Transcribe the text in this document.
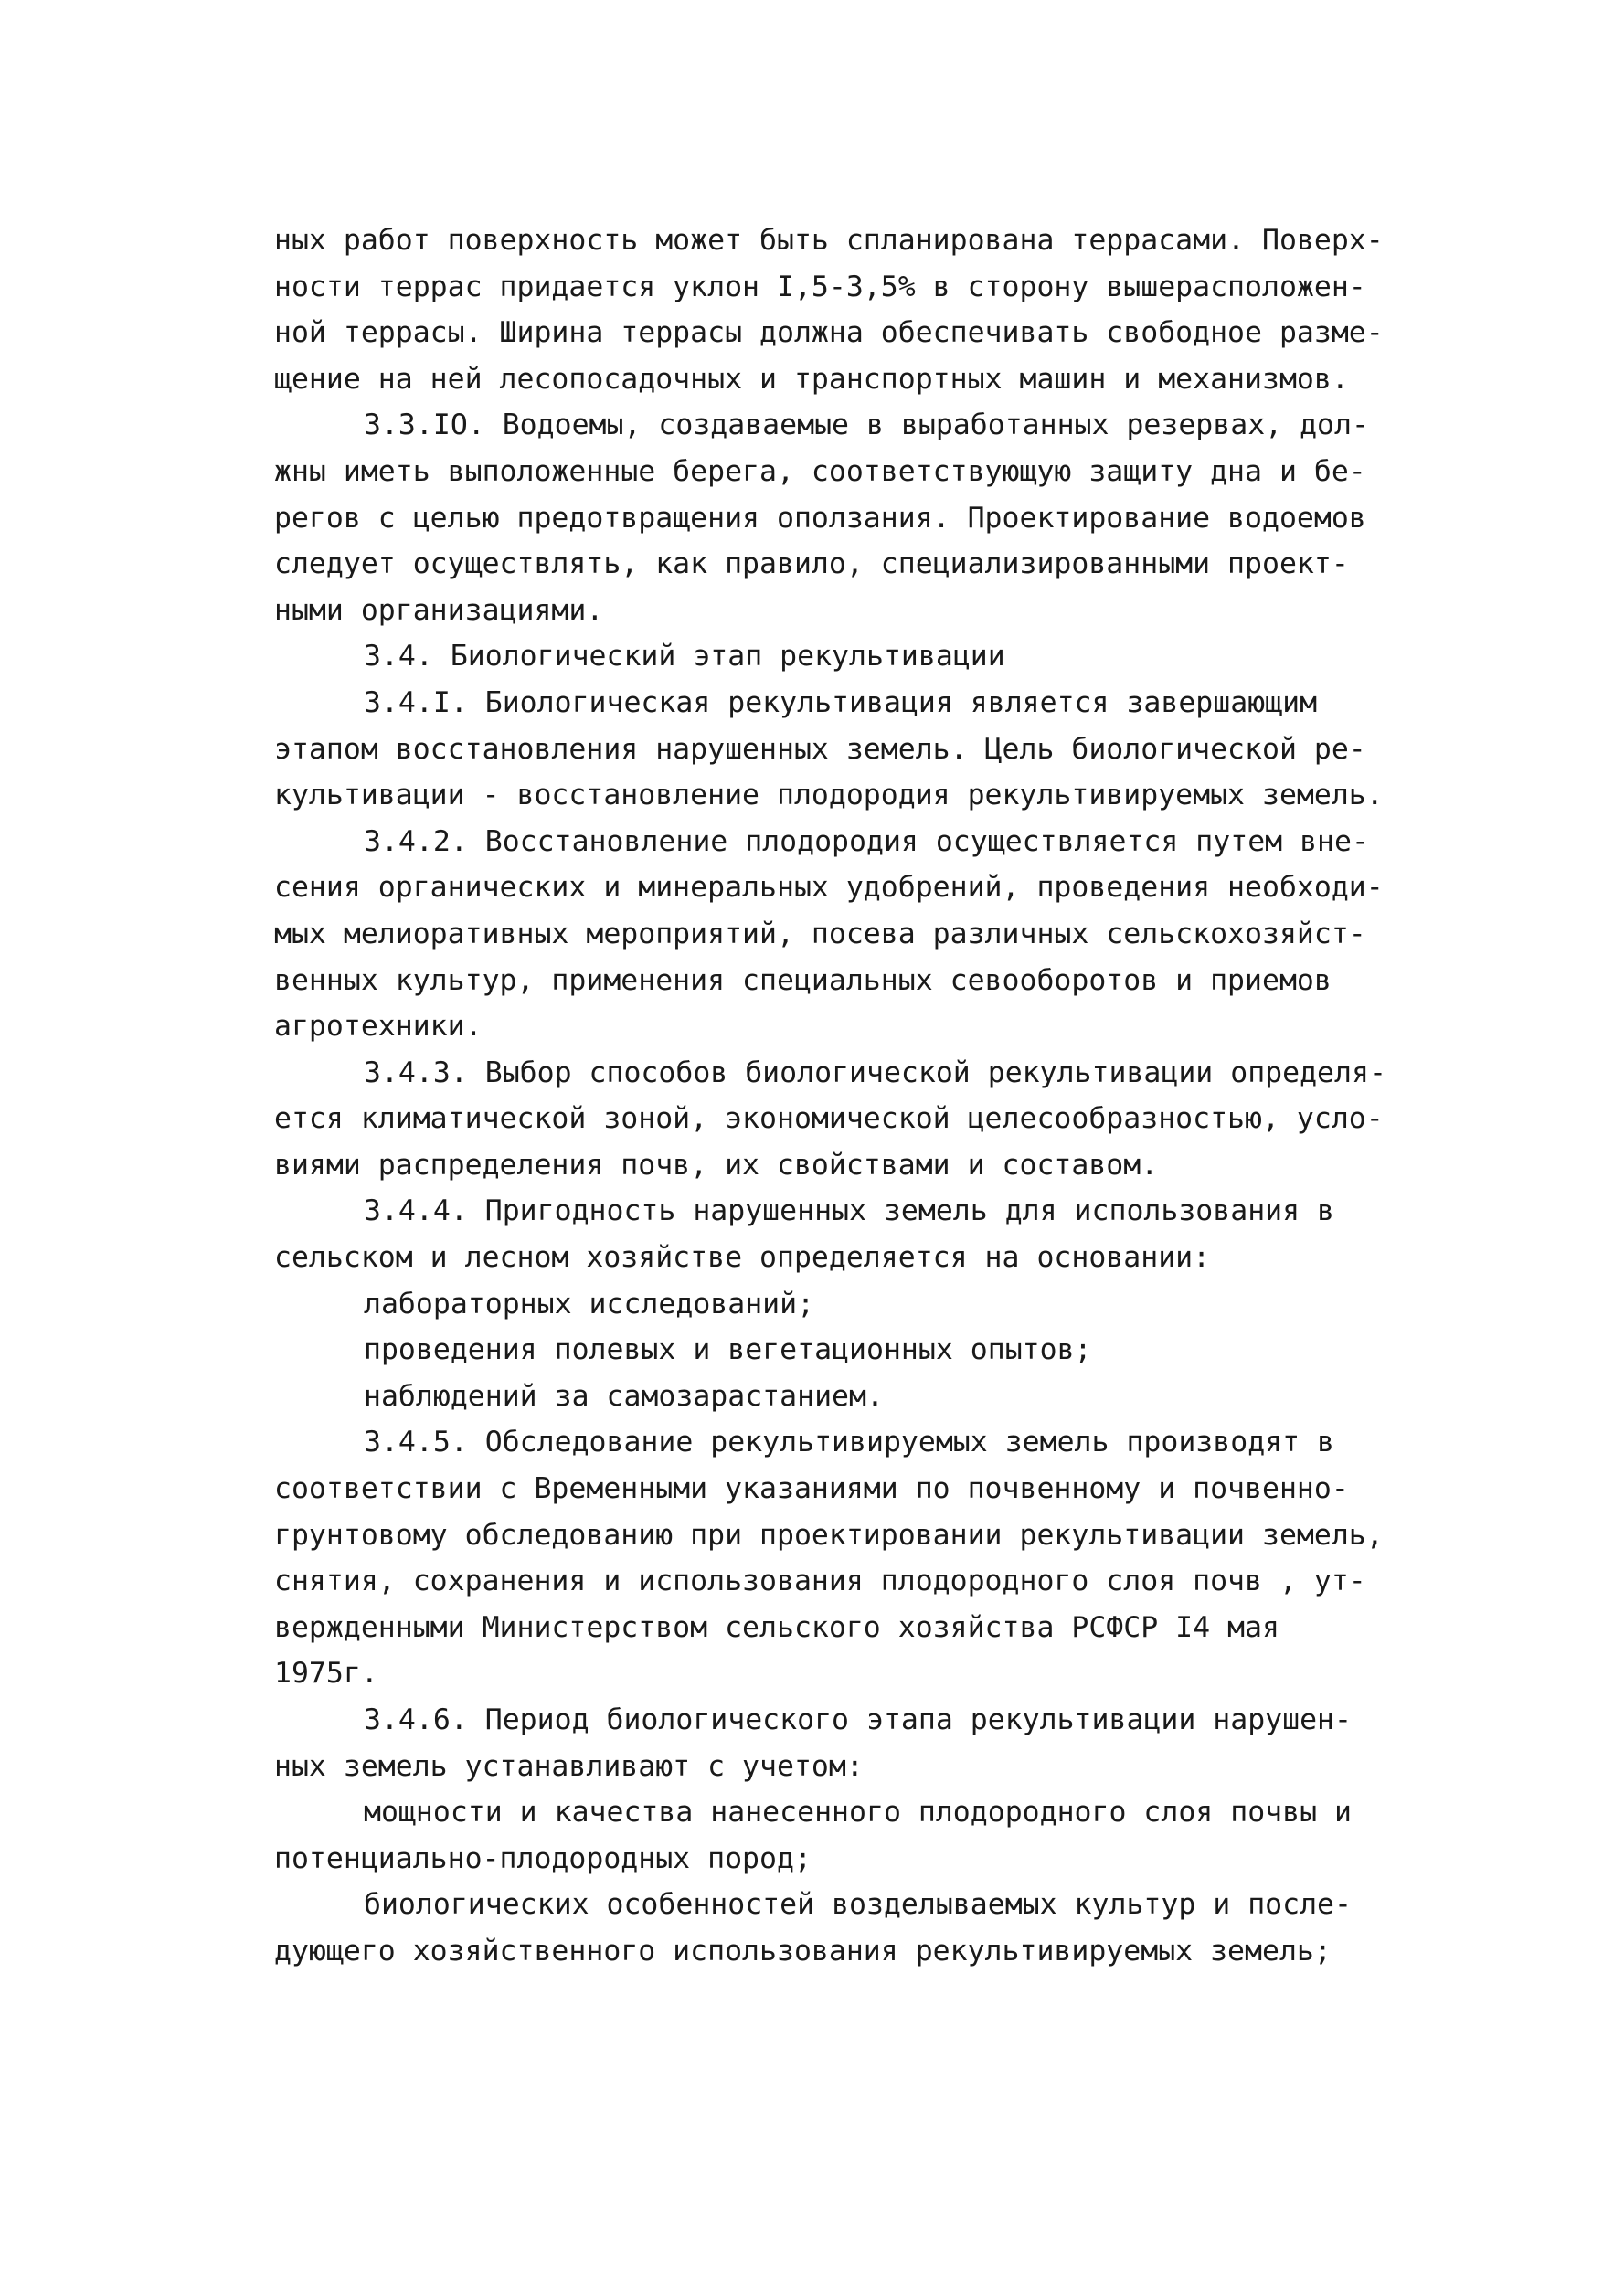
ных работ поверхность может быть спланирована террасами. Поверх-
ности террас придается уклон I,5-3,5% в сторону вышерасположен-
ной террасы. Ширина террасы должна обеспечивать свободное разме-
щение на ней лесопосадочных и транспортных машин и механизмов.
3.3.IO. Водоемы, создаваемые в выработанных резервах, дол-
жны иметь выположенные берега, соответствующую защиту дна и бе-
регов с целью предотвращения оползания. Проектирование водоемов
следует осуществлять, как правило, специализированными проект-
ными организациями.
3.4. Биологический этап рекультивации
3.4.I. Биологическая рекультивация является завершающим
этапом восстановления нарушенных земель. Цель биологической ре-
культивации - восстановление плодородия рекультивируемых земель.
3.4.2. Восстановление плодородия осуществляется путем вне-
сения органических и минеральных удобрений, проведения необходи-
мых мелиоративных мероприятий, посева различных сельскохозяйст-
венных культур, применения специальных севооборотов и приемов
агротехники.
3.4.3. Выбор способов биологической рекультивации определя-
ется климатической зоной, экономической целесообразностью, усло-
виями распределения почв, их свойствами и составом.
3.4.4. Пригодность нарушенных земель для использования в
сельском и лесном хозяйстве определяется на основании:
лабораторных исследований;
проведения полевых и вегетационных опытов;
наблюдений за самозарастанием.
3.4.5. Обследование рекультивируемых земель производят в
соответствии с Временными указаниями по почвенному и почвенно-
грунтовому обследованию при проектировании рекультивации земель,
снятия, сохранения и использования плодородного слоя почв , ут-
вержденными Министерством сельского хозяйства РСФСР I4 мая
1975г.
3.4.6. Период биологического этапа рекультивации нарушен-
ных земель устанавливают с учетом:
мощности и качества нанесенного плодородного слоя почвы и
потенциально-плодородных пород;
биологических особенностей возделываемых культур и после-
дующего хозяйственного использования рекультивируемых земель;
